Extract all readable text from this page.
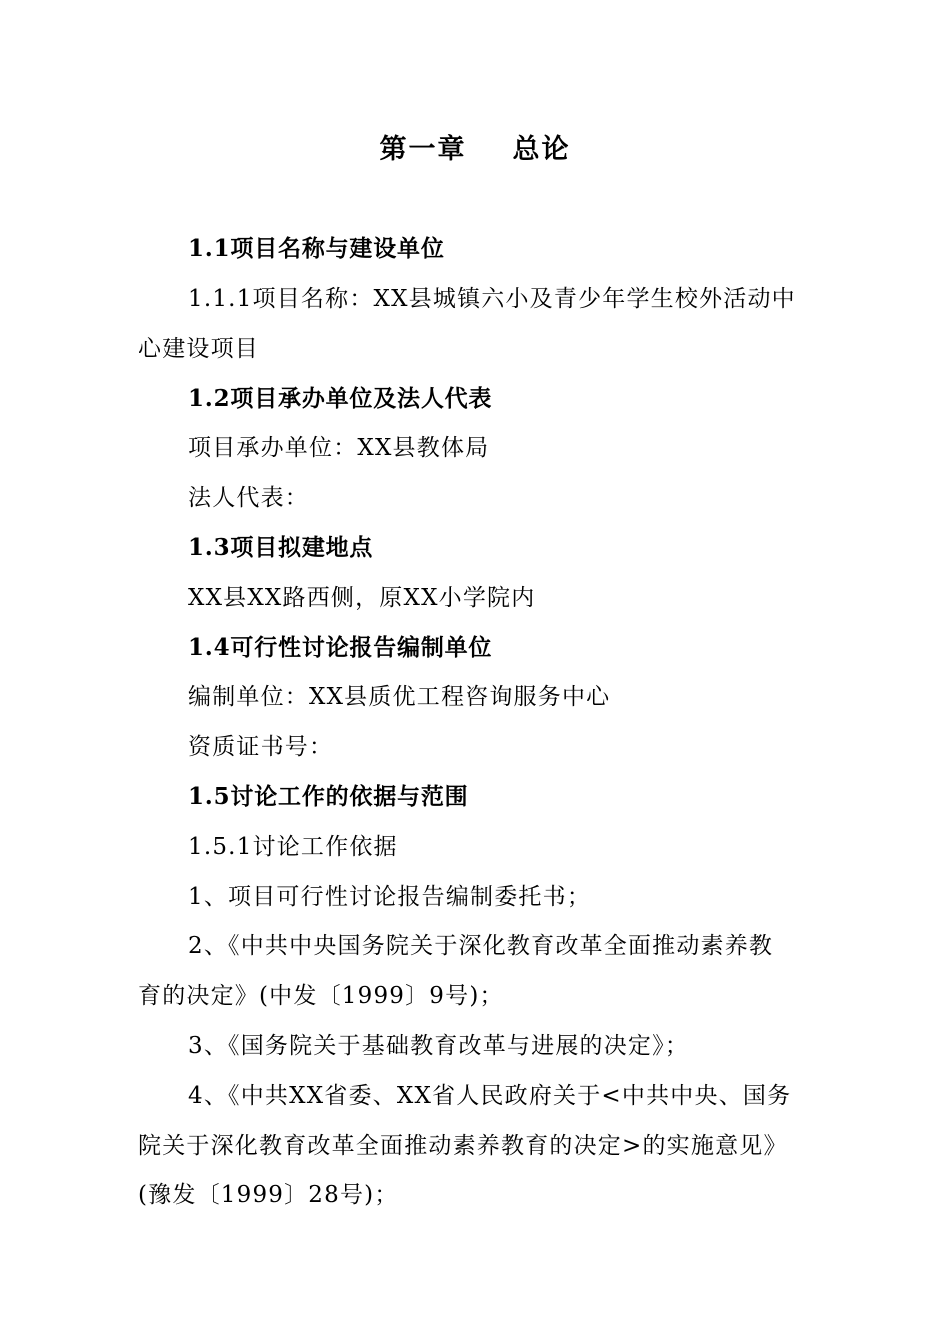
第一章 总论
1.1项目名称与建设单位
1.1.1项目名称：XX县城镇六小及青少年学生校外活动中
心建设项目
1.2项目承办单位及法人代表
项目承办单位：XX县教体局
法人代表：
1.3项目拟建地点
XX县XX路西侧，原XX小学院内
1.4可行性讨论报告编制单位
编制单位：XX县质优工程咨询服务中心
资质证书号：
1.5讨论工作的依据与范围
1.5.1讨论工作依据
1、项目可行性讨论报告编制委托书；
2、《中共中央国务院关于深化教育改革全面推动素养教
育的决定》(中发〔1999〕9号)；
3、《国务院关于基础教育改革与进展的决定》；
4、《中共XX省委、XX省人民政府关于<中共中央、国务
院关于深化教育改革全面推动素养教育的决定>的实施意见》
(豫发〔1999〕28号)；
